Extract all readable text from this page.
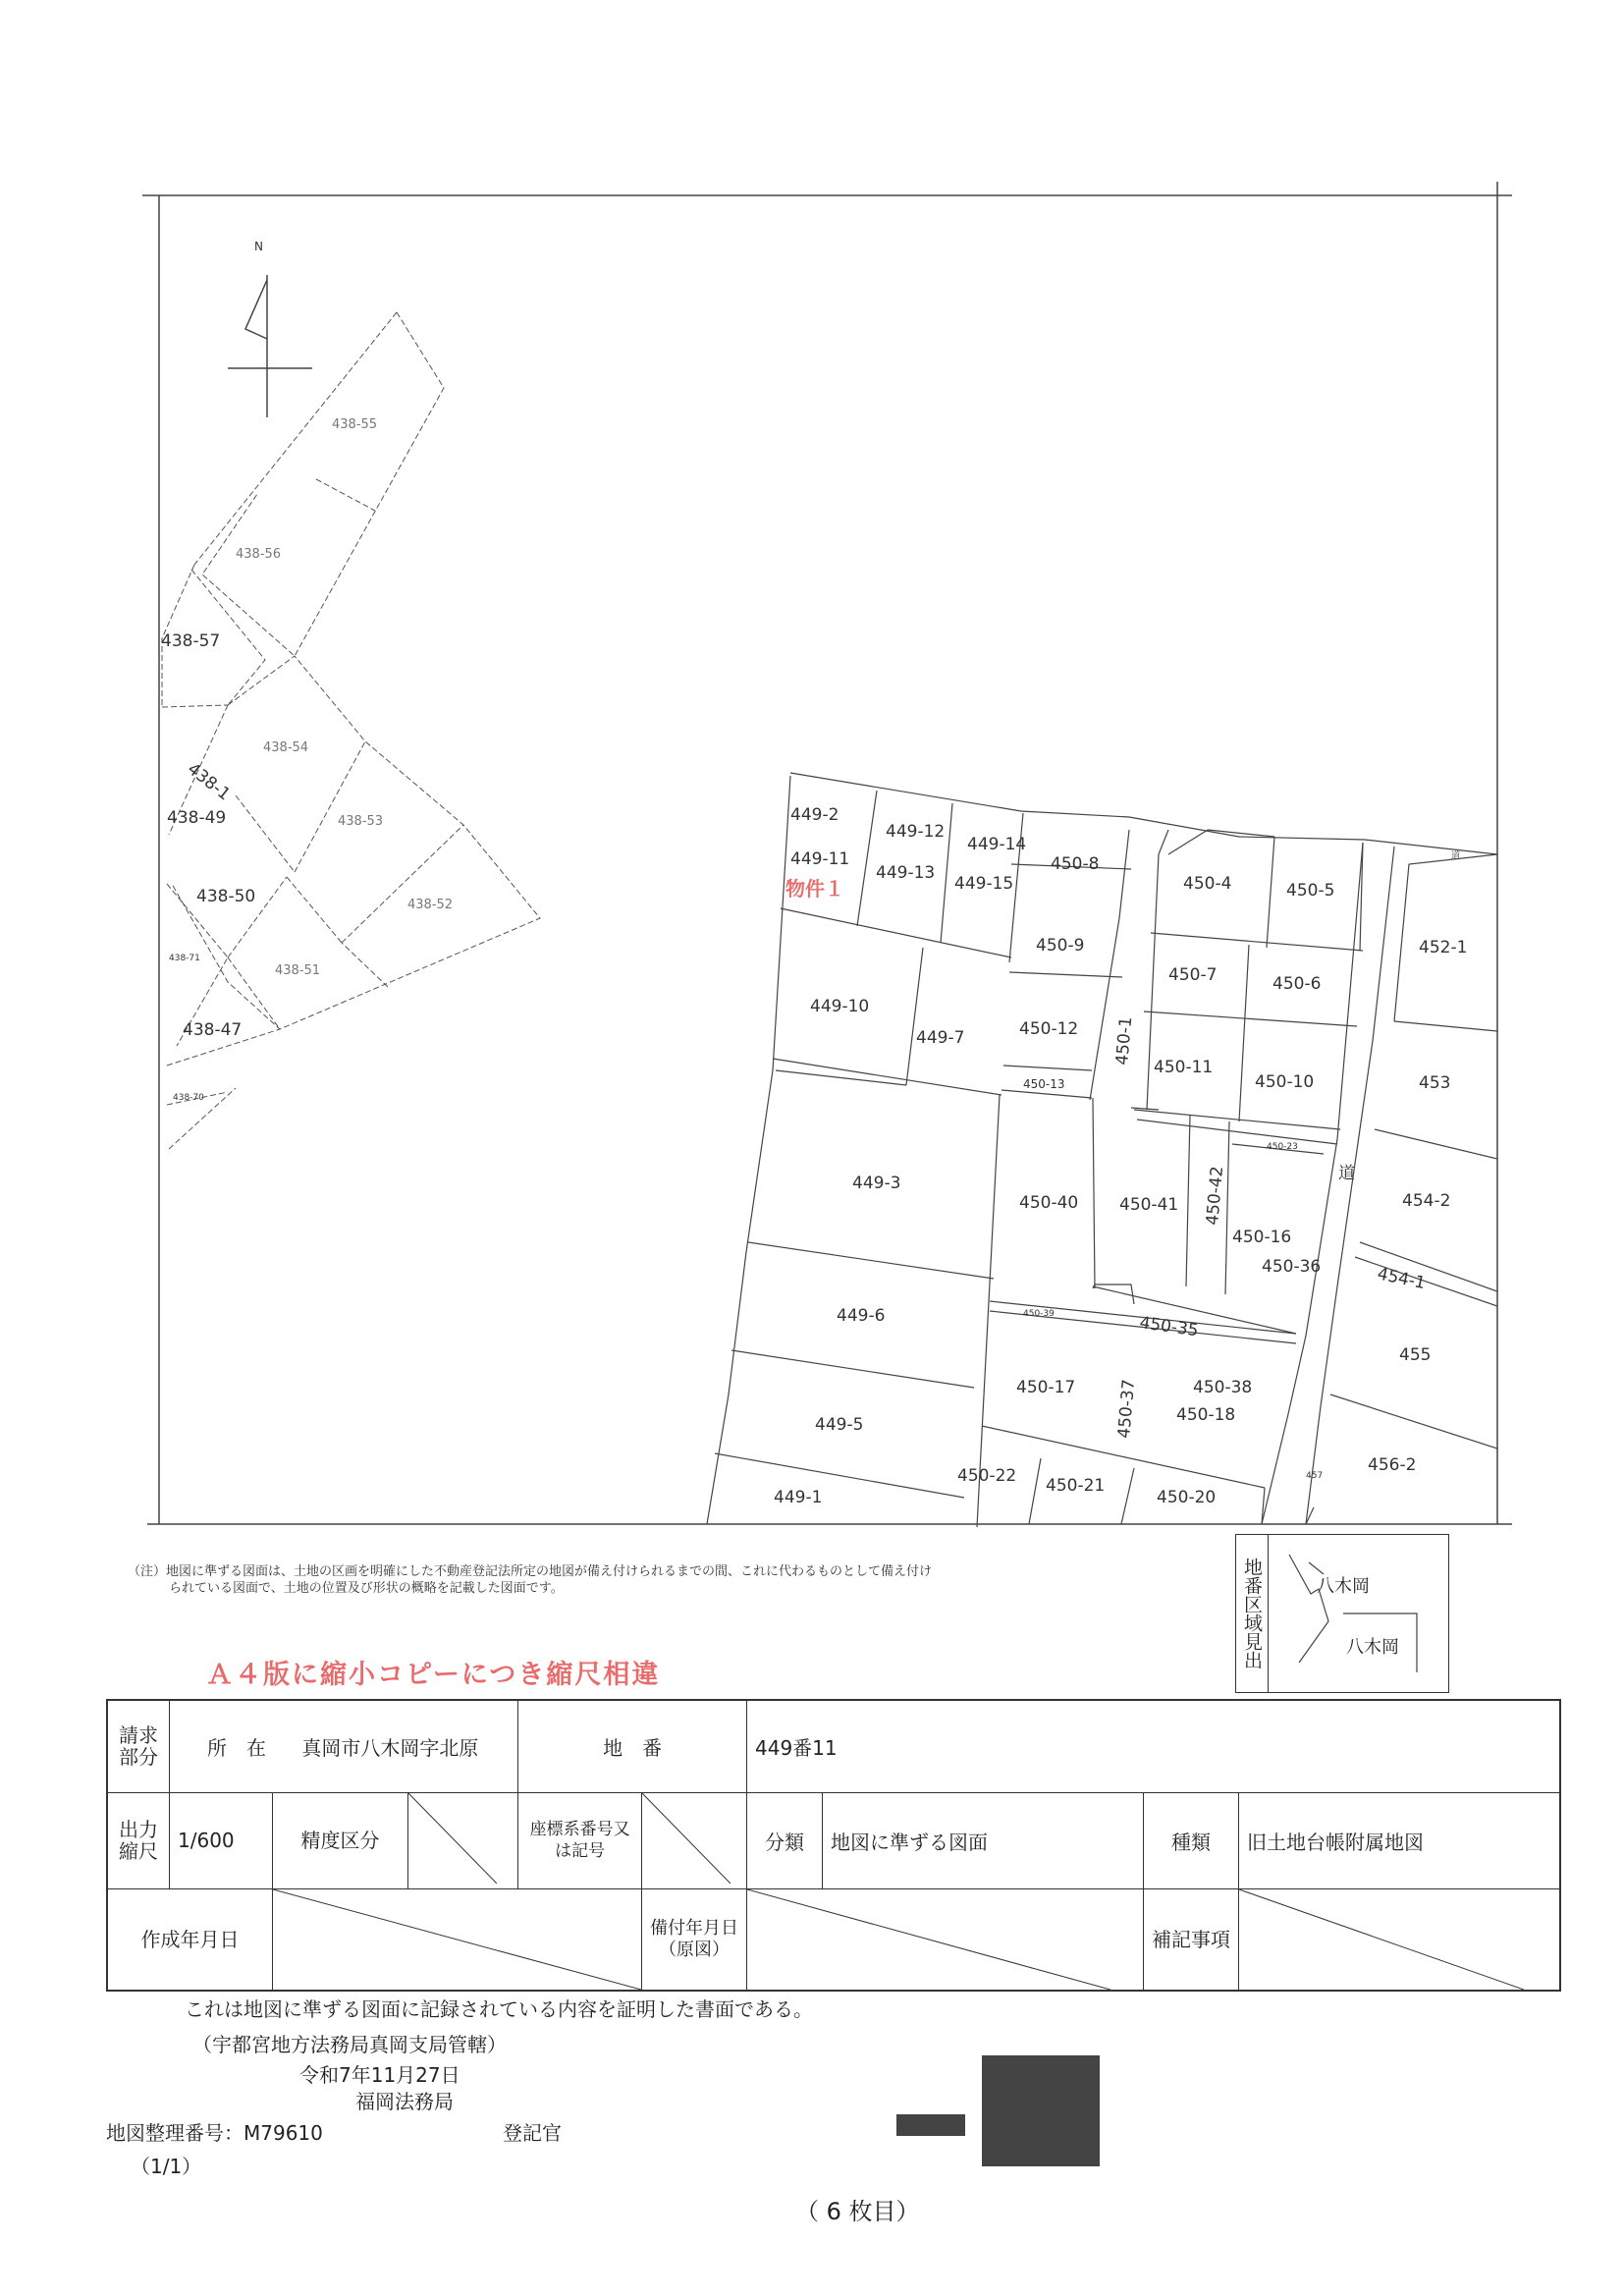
N
438-55
438-56
438-57
438-54
438-1
438-53
438-49
438-50	438-52
438-51
438-47
438-71
438-70
449-2
449-12
449-14
450-8
450-4	450-5
449-11
449-13
449-15
450-9	452-1
450-7	450-6
449-10
449-7	450-12 450-1
450-11
450-10	453
450-13
450-23
449-3
450-40 450-41 450-42
450-16
454-2
450-36	454-1
450-39	450-35
449-6
450-17 450-37	450-38
450-18
455
449-5
450-22 450-21	457
456-2
449-1	450-20
物件１
道
道
（注）地図に準ずる図面は、土地の区画を明確にした不動産登記法所定の地図が備え付けられるまでの間、これに代わるものとして備え付け
られている図面で、土地の位置及び形状の概略を記載した図面です。	地番区域見出	八木岡
八木岡
Ａ４版に縮小コピーにつき縮尺相違
請求部分	所　在 真岡市八木岡字北原			地　番		449番11			
出力縮尺	1/600	精度区分		座標系番号又は記号		分類	地図に準ずる図面	種類	旧土地台帳附属地図
作成年月日					備付年月日（原図）			補記事項	
これは地図に準ずる図面に記録されている内容を証明した書面である。
（宇都宮地方法務局真岡支局管轄）
令和7年11月27日
福岡法務局
地図整理番号：M79610	登記官
（1/1）
（ 6 枚目）
